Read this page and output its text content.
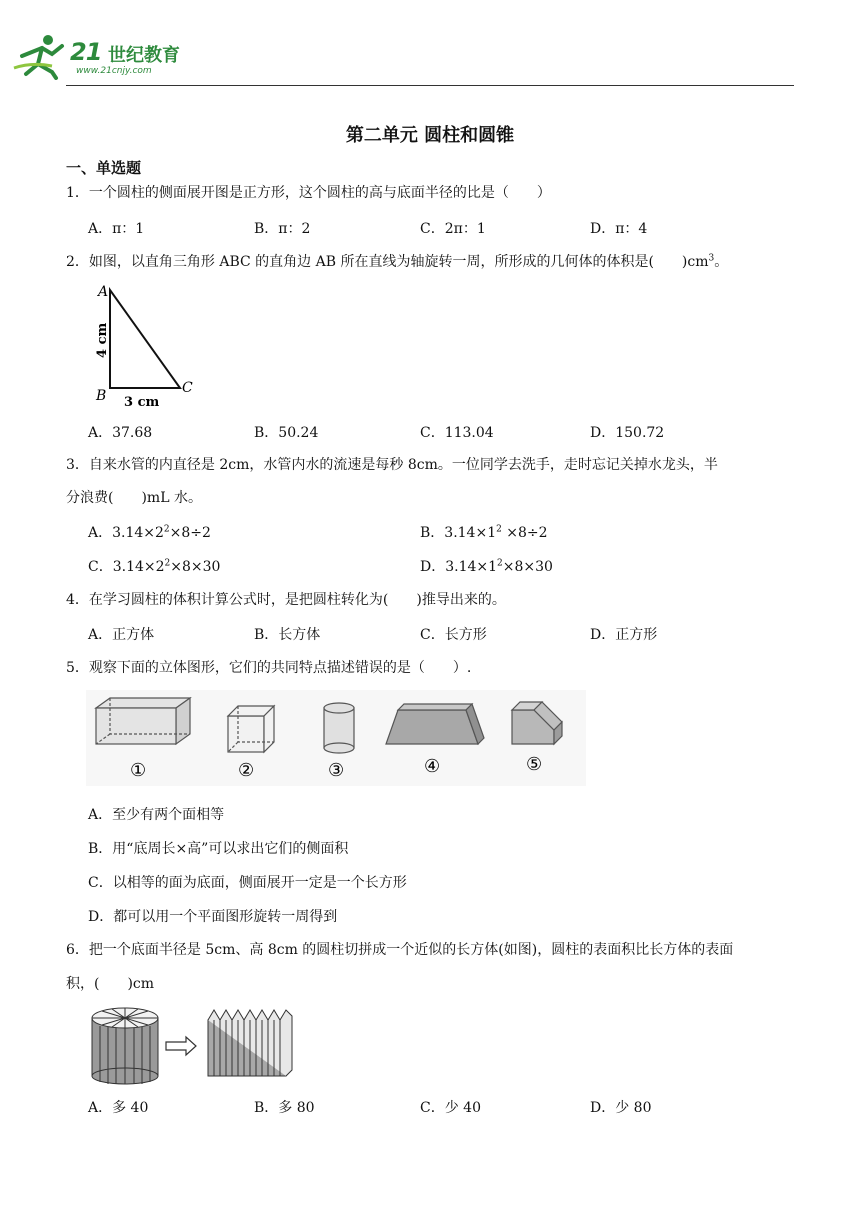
21 世纪教育
www.21cnjy.com
第二单元 圆柱和圆锥
一、单选题
1．一个圆柱的侧面展开图是正方形，这个圆柱的高与底面半径的比是（　　）
A．π：1	B．π：2	C．2π：1	D．π：4
2．如图，以直角三角形 ABC 的直角边 AB 所在直线为轴旋转一周，所形成的几何体的体积是(　　)$cm^3$。
A
B	C
4 cm
3 cm
A．37.68	B．50.24	C．113.04	D．150.72
3．自来水管的内直径是 2cm，水管内水的流速是每秒 8cm。一位同学去洗手，走时忘记关掉水龙头，半
分浪费(　　)mL 水。
A．$3.14\times 2^2\times 8\div 2$	B．$3.14\times 1^2 \times 8\div 2$
C．$3.14\times 2^2\times 8\times 30$	D．$3.14\times 1^2\times 8\times 30$
4．在学习圆柱的体积计算公式时，是把圆柱转化为(　　)推导出来的。
A．正方体	B．长方体	C．长方形	D．正方形
5．观察下面的立体图形，它们的共同特点描述错误的是（　　）.
①	②	③	④	⑤
A．至少有两个面相等
B．用“底周长×高”可以求出它们的侧面积
C．以相等的面为底面，侧面展开一定是一个长方形
D．都可以用一个平面图形旋转一周得到
6．把一个底面半径是 5cm、高 8cm 的圆柱切拼成一个近似的长方体(如图)，圆柱的表面积比长方体的表面
积，(　　)cm
A．多 40	B．多 80	C．少 40	D．少 80
